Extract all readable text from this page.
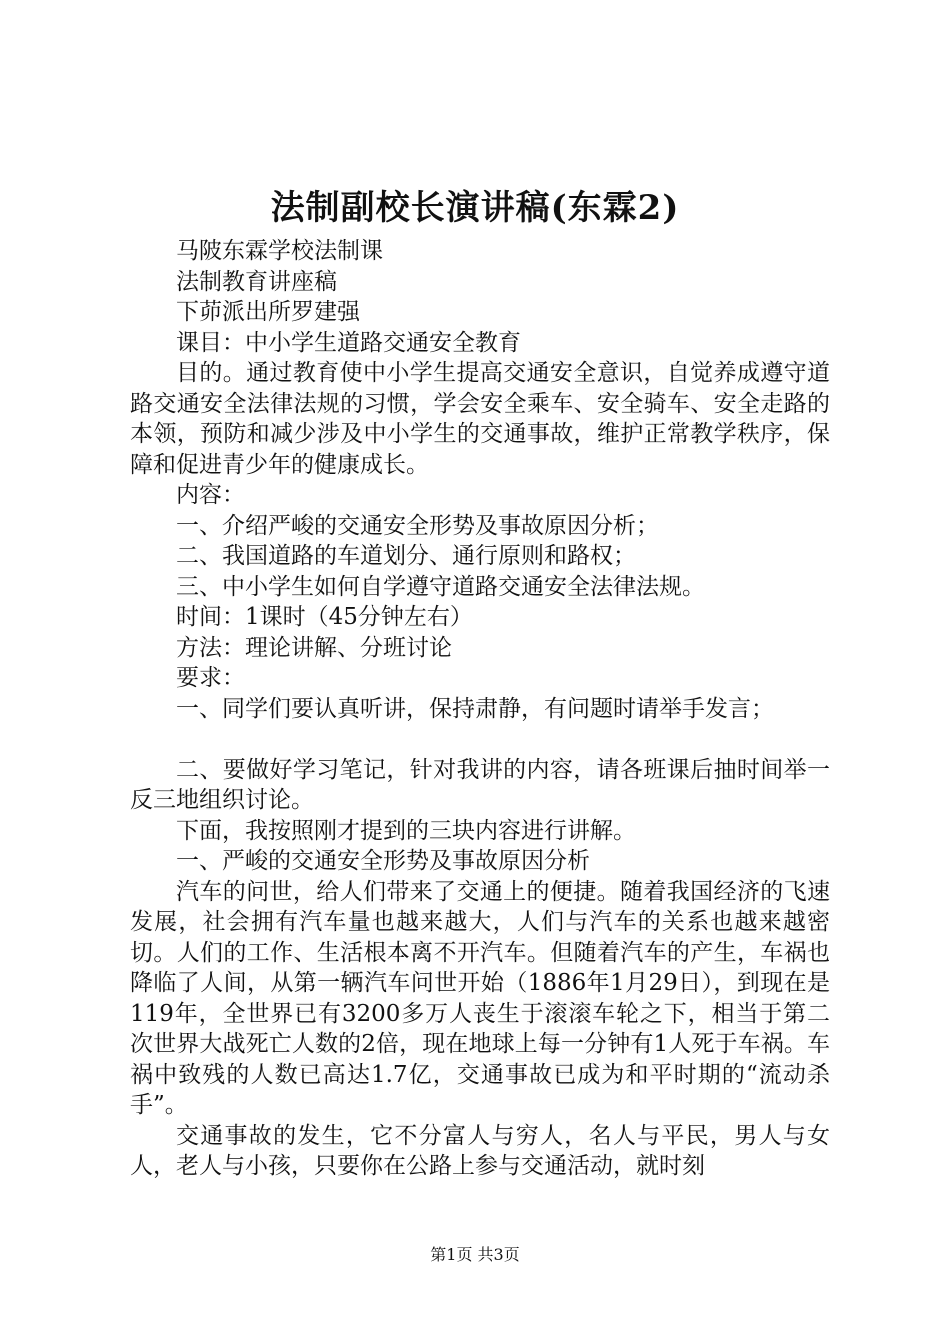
法制副校长演讲稿(东霖2)

马陂东霖学校法制课

法制教育讲座稿

下茆派出所罗建强

课目：中小学生道路交通安全教育

目的。通过教育使中小学生提高交通安全意识，自觉养成遵守道路交通安全法律法规的习惯，学会安全乘车、安全骑车、安全走路的本领，预防和减少涉及中小学生的交通事故，维护正常教学秩序，保障和促进青少年的健康成长。

内容：

一、介绍严峻的交通安全形势及事故原因分析；

二、我国道路的车道划分、通行原则和路权；

三、中小学生如何自学遵守道路交通安全法律法规。

时间：1课时（45分钟左右）

方法：理论讲解、分班讨论

要求：

一、同学们要认真听讲，保持肃静，有问题时请举手发言；

二、要做好学习笔记，针对我讲的内容，请各班课后抽时间举一反三地组织讨论。

下面，我按照刚才提到的三块内容进行讲解。

一、严峻的交通安全形势及事故原因分析

汽车的问世，给人们带来了交通上的便捷。随着我国经济的飞速发展，社会拥有汽车量也越来越大，人们与汽车的关系也越来越密切。人们的工作、生活根本离不开汽车。但随着汽车的产生，车祸也降临了人间，从第一辆汽车问世开始（1886年1月29日），到现在是119年，全世界已有3200多万人丧生于滚滚车轮之下，相当于第二次世界大战死亡人数的2倍，现在地球上每一分钟有1人死于车祸。车祸中致残的人数已高达1.7亿，交通事故已成为和平时期的“流动杀手”。

交通事故的发生，它不分富人与穷人，名人与平民，男人与女人，老人与小孩，只要你在公路上参与交通活动，就时刻

第1页 共3页
